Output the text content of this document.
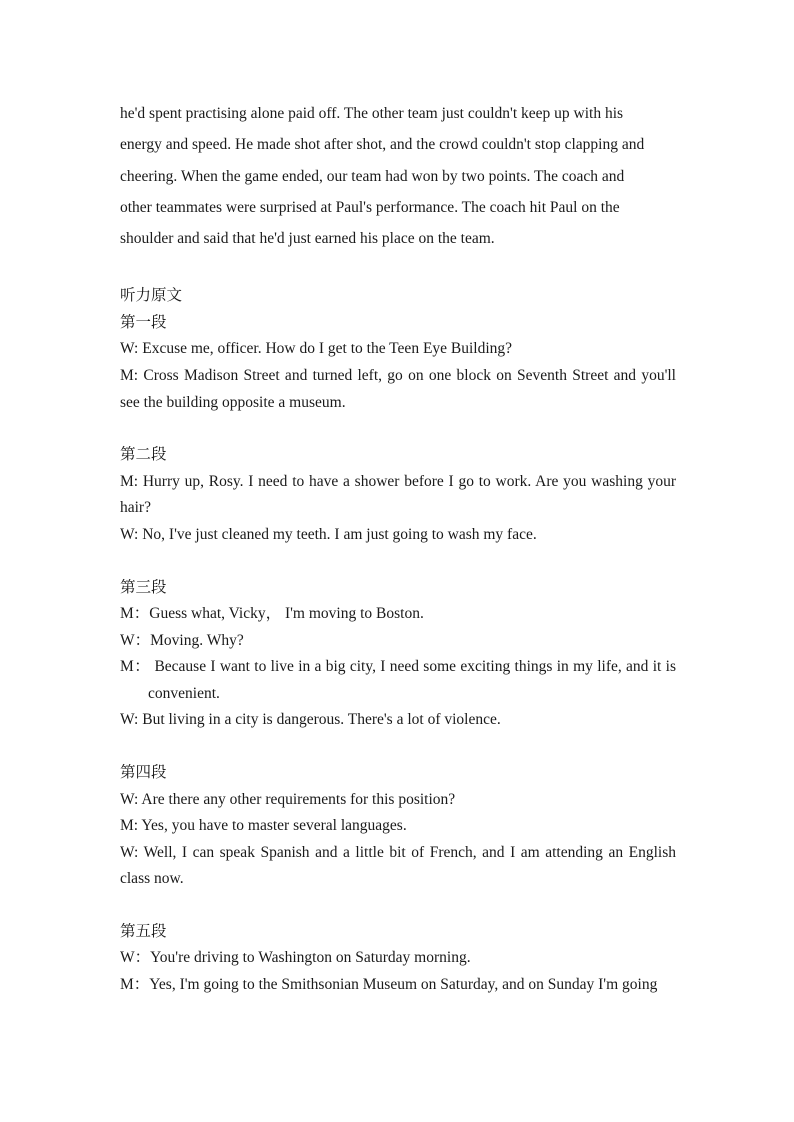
he'd spent practising alone paid off. The other team just couldn't keep up with his

energy and speed. He made shot after shot, and the crowd couldn't stop clapping and

cheering. When the game ended, our team had won by two points. The coach and

other teammates were surprised at Paul's performance. The coach hit Paul on the

shoulder and said that he'd just earned his place on the team.

听力原文
第一段

W: Excuse me, officer. How do I get to the Teen Eye Building?

M: Cross Madison Street and turned left, go on one block on Seventh Street and you'll see the building opposite a museum.

第二段

M: Hurry up, Rosy. I need to have a shower before I go to work. Are you washing your hair?

W: No, I've just cleaned my teeth. I am just going to wash my face.

第三段

M：Guess what, Vicky， I'm moving to Boston.

W：Moving. Why?

M： Because I want to live in a big city, I need some exciting things in my life, and it is convenient.

W: But living in a city is dangerous. There's a lot of violence.

第四段

W: Are there any other requirements for this position?

M: Yes, you have to master several languages.

W: Well, I can speak Spanish and a little bit of French, and I am attending an English class now.

第五段

W：You're driving to Washington on Saturday morning.

M：Yes, I'm going to the Smithsonian Museum on Saturday, and on Sunday I'm going
